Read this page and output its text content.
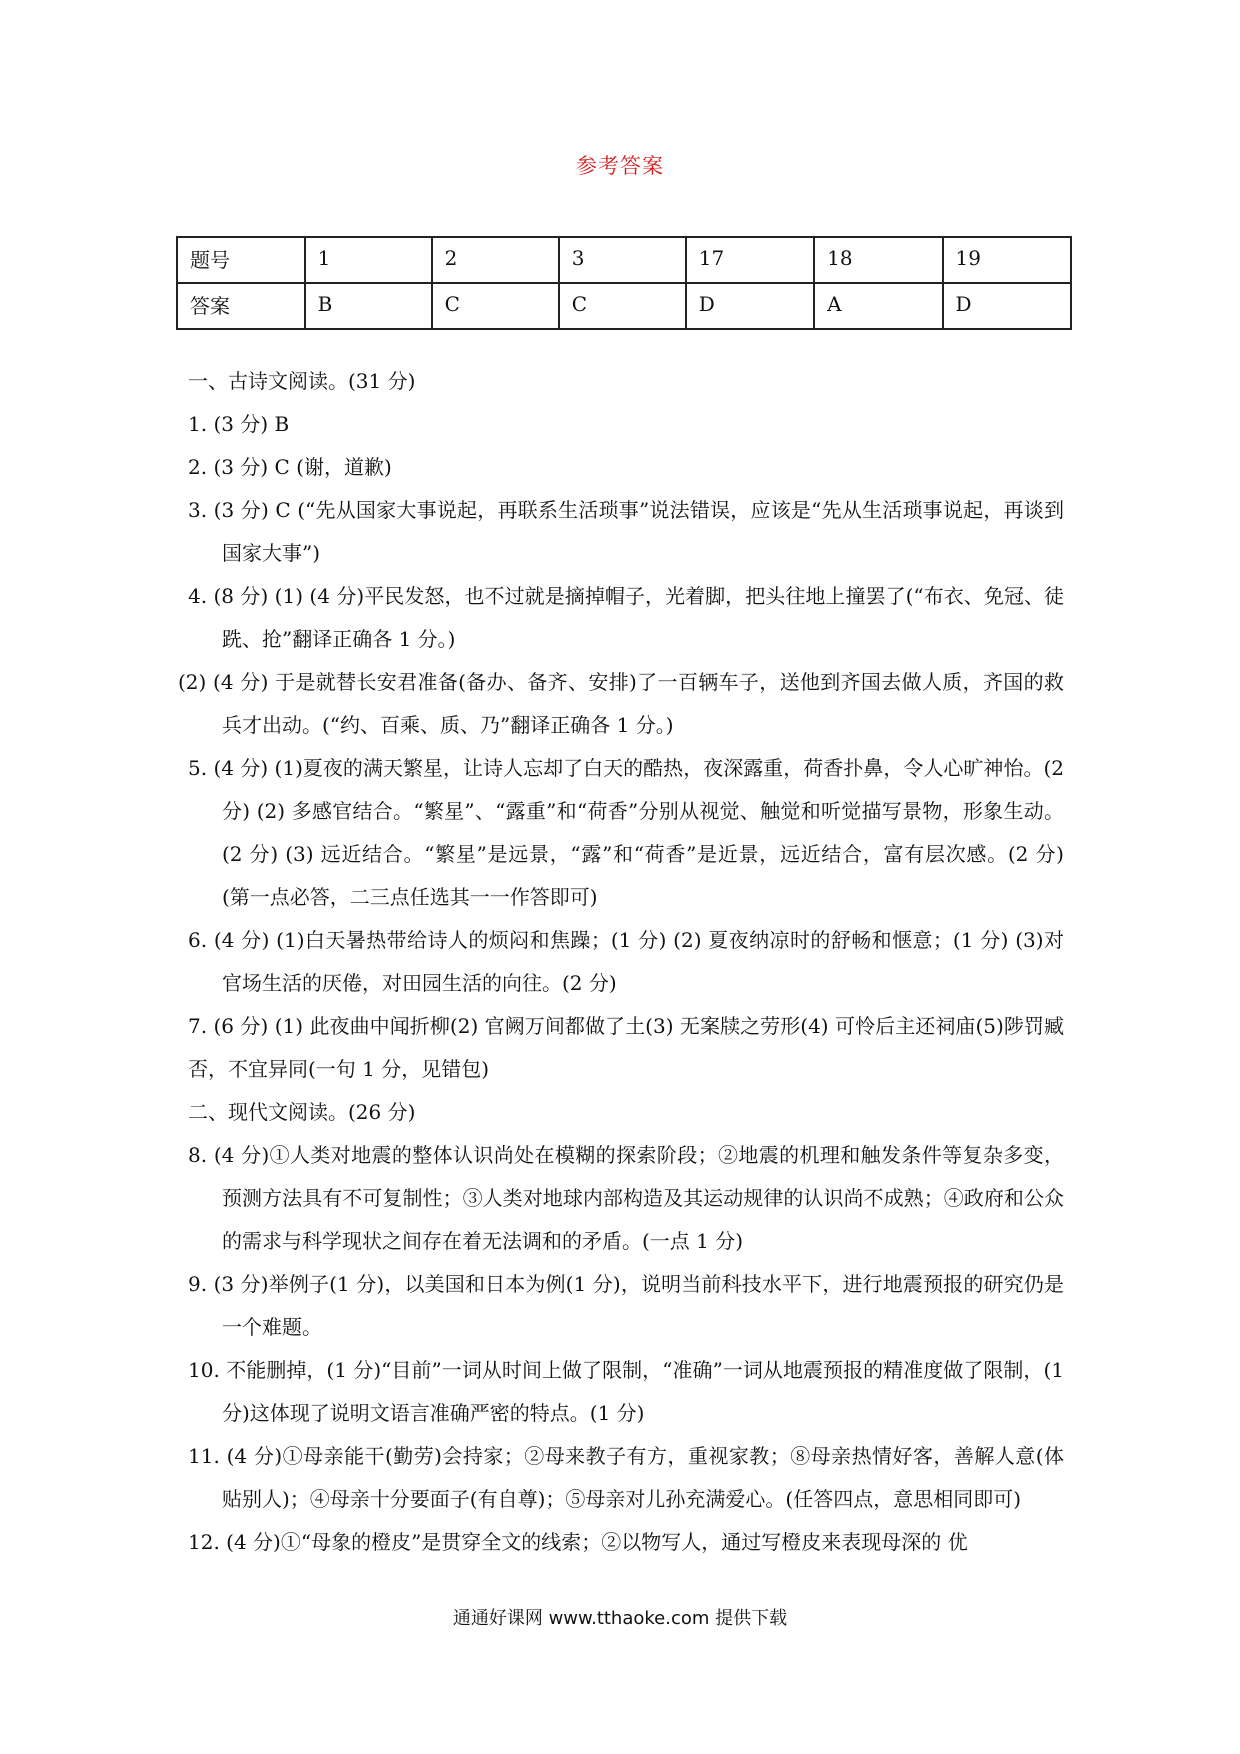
参考答案
题号	1	2	3	17	18	19
答案	B	C	C	D	A	D

一、古诗文阅读。(31 分)

1. (3 分) B

2. (3 分) C (谢，道歉)

3. (3 分) C (“先从国家大事说起，再联系生活琐事”说法错误，应该是“先从生活琐事说起，再谈到国家大事”)

4. (8 分) (1) (4 分)平民发怒，也不过就是摘掉帽子，光着脚，把头往地上撞罢了(“布衣、免冠、徒跣、抢”翻译正确各 1 分。)

(2) (4 分) 于是就替长安君准备(备办、备齐、安排)了一百辆车子，送他到齐国去做人质，齐国的救兵才出动。(“约、百乘、质、乃”翻译正确各 1 分。)

5. (4 分) (1)夏夜的满天繁星，让诗人忘却了白天的酷热，夜深露重，荷香扑鼻，令人心旷神怡。(2 分) (2) 多感官结合。“繁星”、“露重”和“荷香”分别从视觉、触觉和听觉描写景物，形象生动。(2 分) (3) 远近结合。“繁星”是远景，“露”和“荷香”是近景，远近结合，富有层次感。(2 分) (第一点必答，二三点任选其一一作答即可)

6. (4 分) (1)白天暑热带给诗人的烦闷和焦躁；(1 分) (2) 夏夜纳凉时的舒畅和惬意；(1 分) (3)对官场生活的厌倦，对田园生活的向往。(2 分)

7. (6 分) (1) 此夜曲中闻折柳(2) 官阙万间都做了土(3) 无案牍之劳形(4) 可怜后主还祠庙(5)陟罚臧否，不宜异同(一句 1 分，见错包)

二、现代文阅读。(26 分)

8. (4 分)①人类对地震的整体认识尚处在模糊的探索阶段；②地震的机理和触发条件等复杂多变，预测方法具有不可复制性；③人类对地球内部构造及其运动规律的认识尚不成熟；④政府和公众的需求与科学现状之间存在着无法调和的矛盾。(一点 1 分)

9. (3 分)举例子(1 分)，以美国和日本为例(1 分)，说明当前科技水平下，进行地震预报的研究仍是一个难题。

10. 不能删掉，(1 分)“目前”一词从时间上做了限制，“准确”一词从地震预报的精准度做了限制，(1 分)这体现了说明文语言准确严密的特点。(1 分)

11. (4 分)①母亲能干(勤劳)会持家；②母来教子有方，重视家教；⑧母亲热情好客，善解人意(体贴别人)；④母亲十分要面子(有自尊)；⑤母亲对儿孙充满爱心。(任答四点，意思相同即可)

12. (4 分)①“母象的橙皮”是贯穿全文的线索；②以物写人，通过写橙皮来表现母深的 优

通通好课网 www.tthaoke.com 提供下载
